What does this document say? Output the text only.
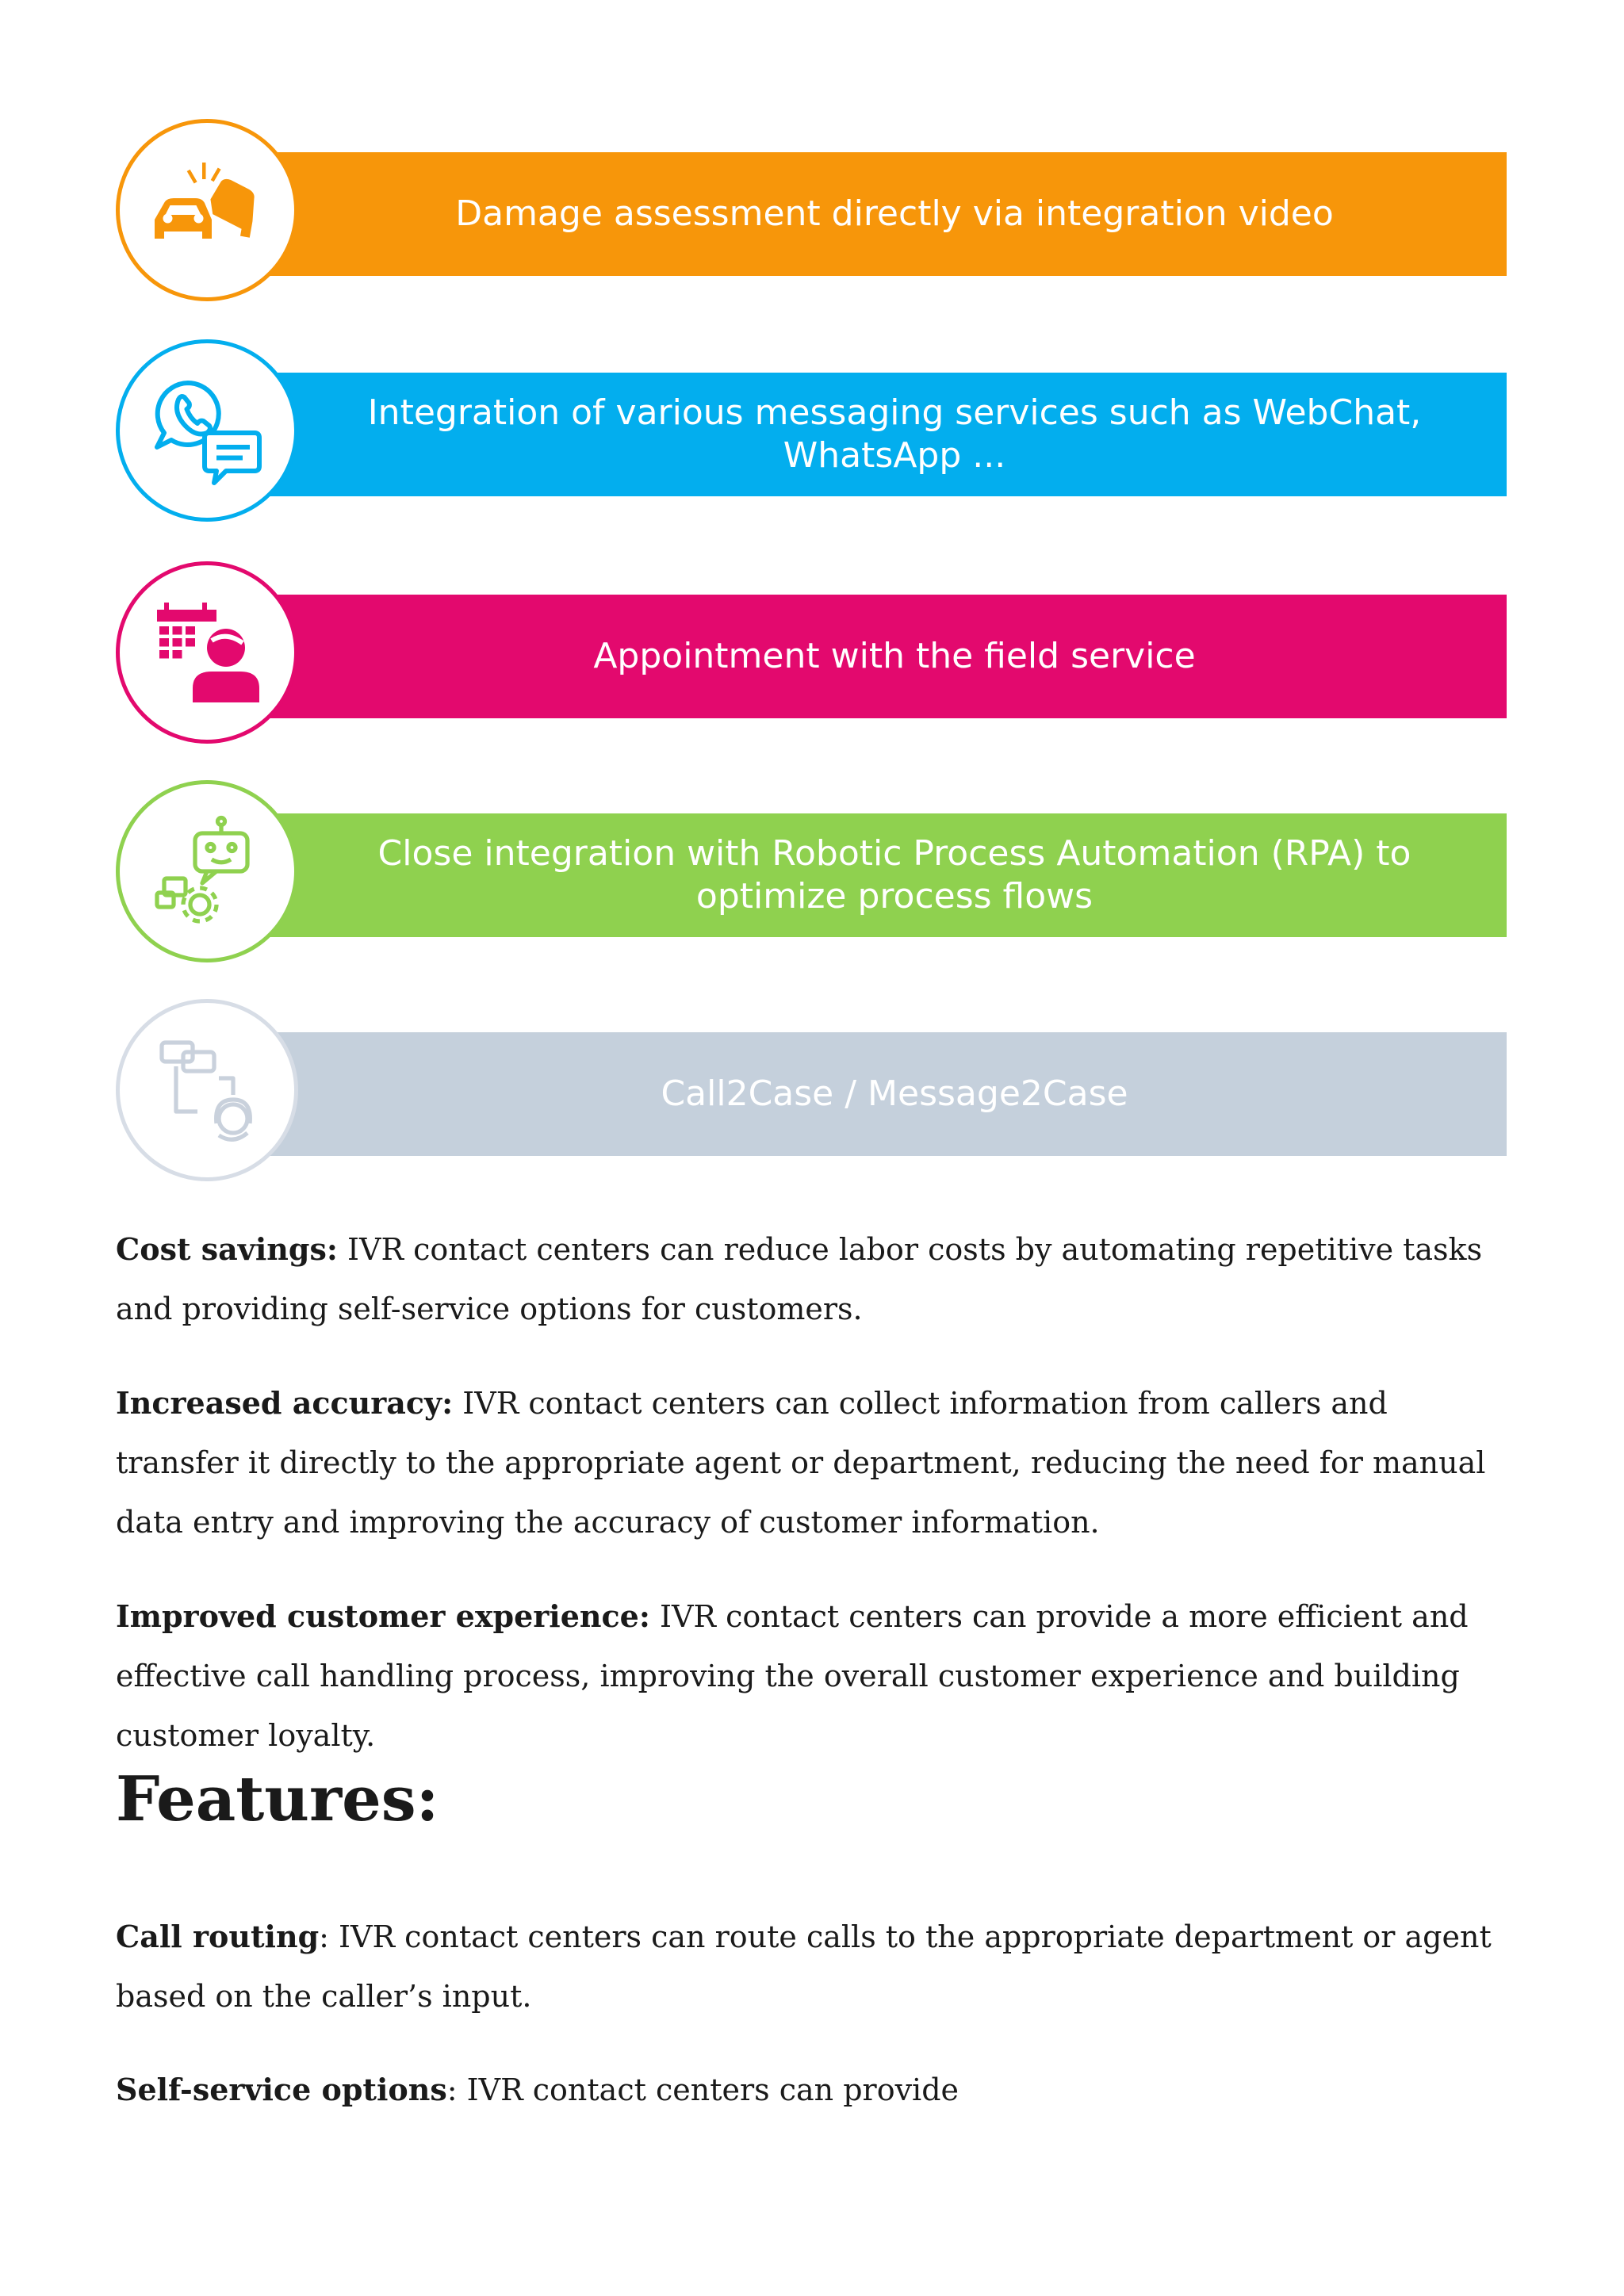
Damage assessment directly via integration video
Integration of various messaging services such as WebChat, WhatsApp ...
Appointment with the field service
Close integration with Robotic Process Automation (RPA) to optimize process flows
Call2Case / Message2Case

Cost savings: IVR contact centers can reduce labor costs by automating repetitive tasks and providing self-service options for customers.

Increased accuracy: IVR contact centers can collect information from callers and transfer it directly to the appropriate agent or department, reducing the need for manual data entry and improving the accuracy of customer information.

Improved customer experience: IVR contact centers can provide a more efficient and effective call handling process, improving the overall customer experience and building customer loyalty.

Features:

Call routing: IVR contact centers can route calls to the appropriate department or agent based on the caller’s input.

Self-service options: IVR contact centers can provide
